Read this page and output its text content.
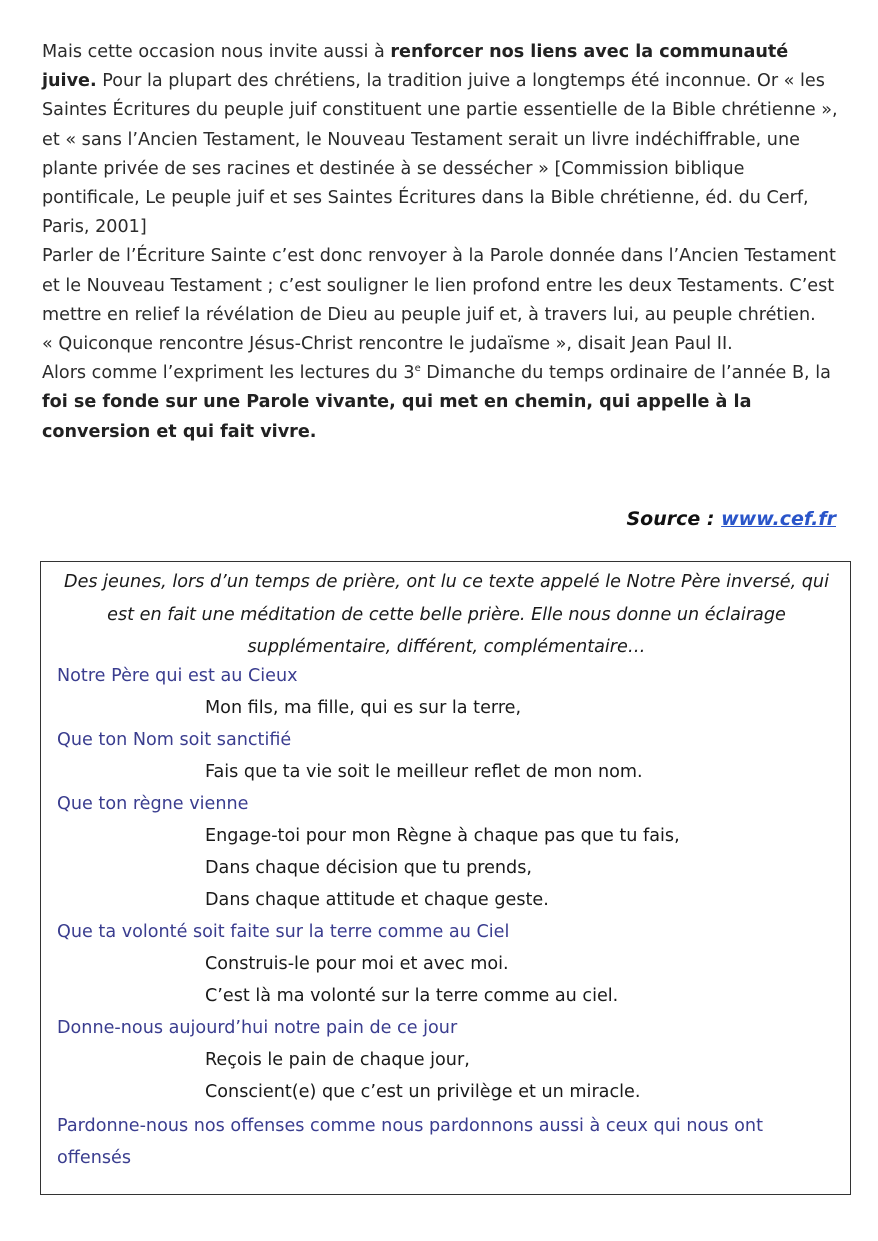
Mais cette occasion nous invite aussi à renforcer nos liens avec la communauté juive. Pour la plupart des chrétiens, la tradition juive a longtemps été inconnue. Or « les Saintes Écritures du peuple juif constituent une partie essentielle de la Bible chrétienne », et « sans l’Ancien Testament, le Nouveau Testament serait un livre indéchiffrable, une plante privée de ses racines et destinée à se dessécher » [Commission biblique pontificale, Le peuple juif et ses Saintes Écritures dans la Bible chrétienne, éd. du Cerf, Paris, 2001]

Parler de l’Écriture Sainte c’est donc renvoyer à la Parole donnée dans l’Ancien Testament et le Nouveau Testament ; c’est souligner le lien profond entre les deux Testaments. C’est mettre en relief la révélation de Dieu au peuple juif et, à travers lui, au peuple chrétien.

« Quiconque rencontre Jésus-Christ rencontre le judaïsme », disait Jean Paul II.

Alors comme l’expriment les lectures du 3e Dimanche du temps ordinaire de l’année B, la foi se fonde sur une Parole vivante, qui met en chemin, qui appelle à la conversion et qui fait vivre.

Source : www.cef.fr
Des jeunes, lors d’un temps de prière, ont lu ce texte appelé le Notre Père inversé, qui est en fait une méditation de cette belle prière. Elle nous donne un éclairage supplémentaire, différent, complémentaire…
Notre Père qui est au Cieux
Mon fils, ma fille, qui es sur la terre,
Que ton Nom soit sanctifié
Fais que ta vie soit le meilleur reflet de mon nom.
Que ton règne vienne
Engage-toi pour mon Règne à chaque pas que tu fais,
Dans chaque décision que tu prends,
Dans chaque attitude et chaque geste.
Que ta volonté soit faite sur la terre comme au Ciel
Construis-le pour moi et avec moi.
C’est là ma volonté sur la terre comme au ciel.
Donne-nous aujourd’hui notre pain de ce jour
Reçois le pain de chaque jour,
Conscient(e) que c’est un privilège et un miracle.
Pardonne-nous nos offenses comme nous pardonnons aussi à ceux qui nous ont offensés
